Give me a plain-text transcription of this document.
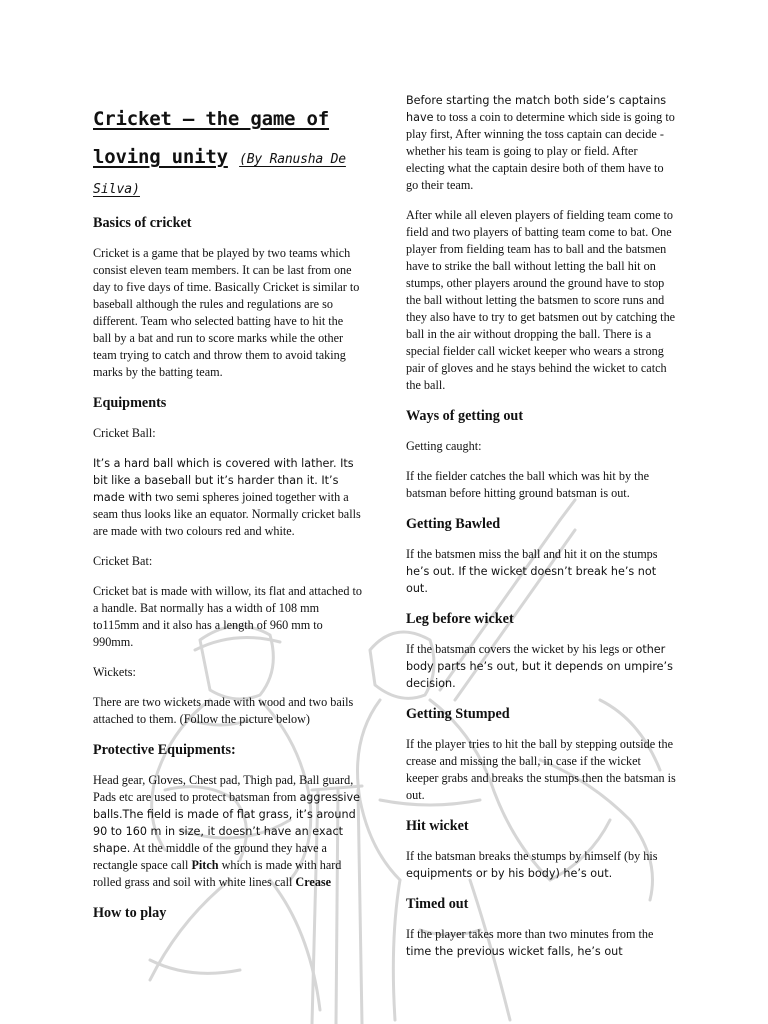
Cricket – the game of
loving unity (By Ranusha De

Silva)

Basics of cricket

Cricket is a game that be played by two teams which consist eleven team members. It can be last from one day to five days of time. Basically Cricket is similar to baseball although the rules and regulations are so different. Team who selected batting have to hit the ball by a bat and run to score marks while the other team trying to catch and throw them to avoid taking marks by the batting team.

Equipments

Cricket Ball:

It’s a hard ball which is covered with lather. Its bit like a baseball but it’s harder than it. It’s made with two semi spheres joined together with a seam thus looks like an equator. Normally cricket balls are made with two colours red and white.

Cricket Bat:

Cricket bat is made with willow, its flat and attached to a handle. Bat normally has a width of 108 mm to115mm and it also has a length of 960 mm to 990mm.

Wickets:

There are two wickets made with wood and two bails attached to them. (Follow the picture below)

Protective Equipments:

Head gear, Gloves, Chest pad, Thigh pad, Ball guard, Pads etc are used to protect batsman from aggressive balls.The field is made of flat grass, it’s around 90 to 160 m in size, it doesn’t have an exact shape. At the middle of the ground they have a rectangle space call Pitch which is made with hard rolled grass and soil with white lines call Crease

How to play

Before starting the match both side’s captains have to toss a coin to determine which side is going to play first, After winning the toss captain can decide - whether his team is going to play or field. After electing what the captain desire both of them have to go their team.

After while all eleven players of fielding team come to field and two players of batting team come to bat. One player from fielding team has to ball and the batsmen have to strike the ball without letting the ball hit on stumps, other players around the ground have to stop the ball without letting the batsmen to score runs and they also have to try to get batsmen out by catching the ball in the air without dropping the ball. There is a special fielder call wicket keeper who wears a strong pair of gloves and he stays behind the wicket to catch the ball.

Ways of getting out

Getting caught:

If the fielder catches the ball which was hit by the batsman before hitting ground batsman is out.

Getting Bawled

If the batsmen miss the ball and hit it on the stumps he’s out. If the wicket doesn’t break he’s not out.

Leg before wicket

If the batsman covers the wicket by his legs or other body parts he’s out, but it depends on umpire’s decision.

Getting Stumped

If the player tries to hit the ball by stepping outside the crease and missing the ball, in case if the wicket keeper grabs and breaks the stumps then the batsman is out.

Hit wicket

If the batsman breaks the stumps by himself (by his equipments or by his body) he’s out.

Timed out

If the player takes more than two minutes from the time the previous wicket falls, he’s out
